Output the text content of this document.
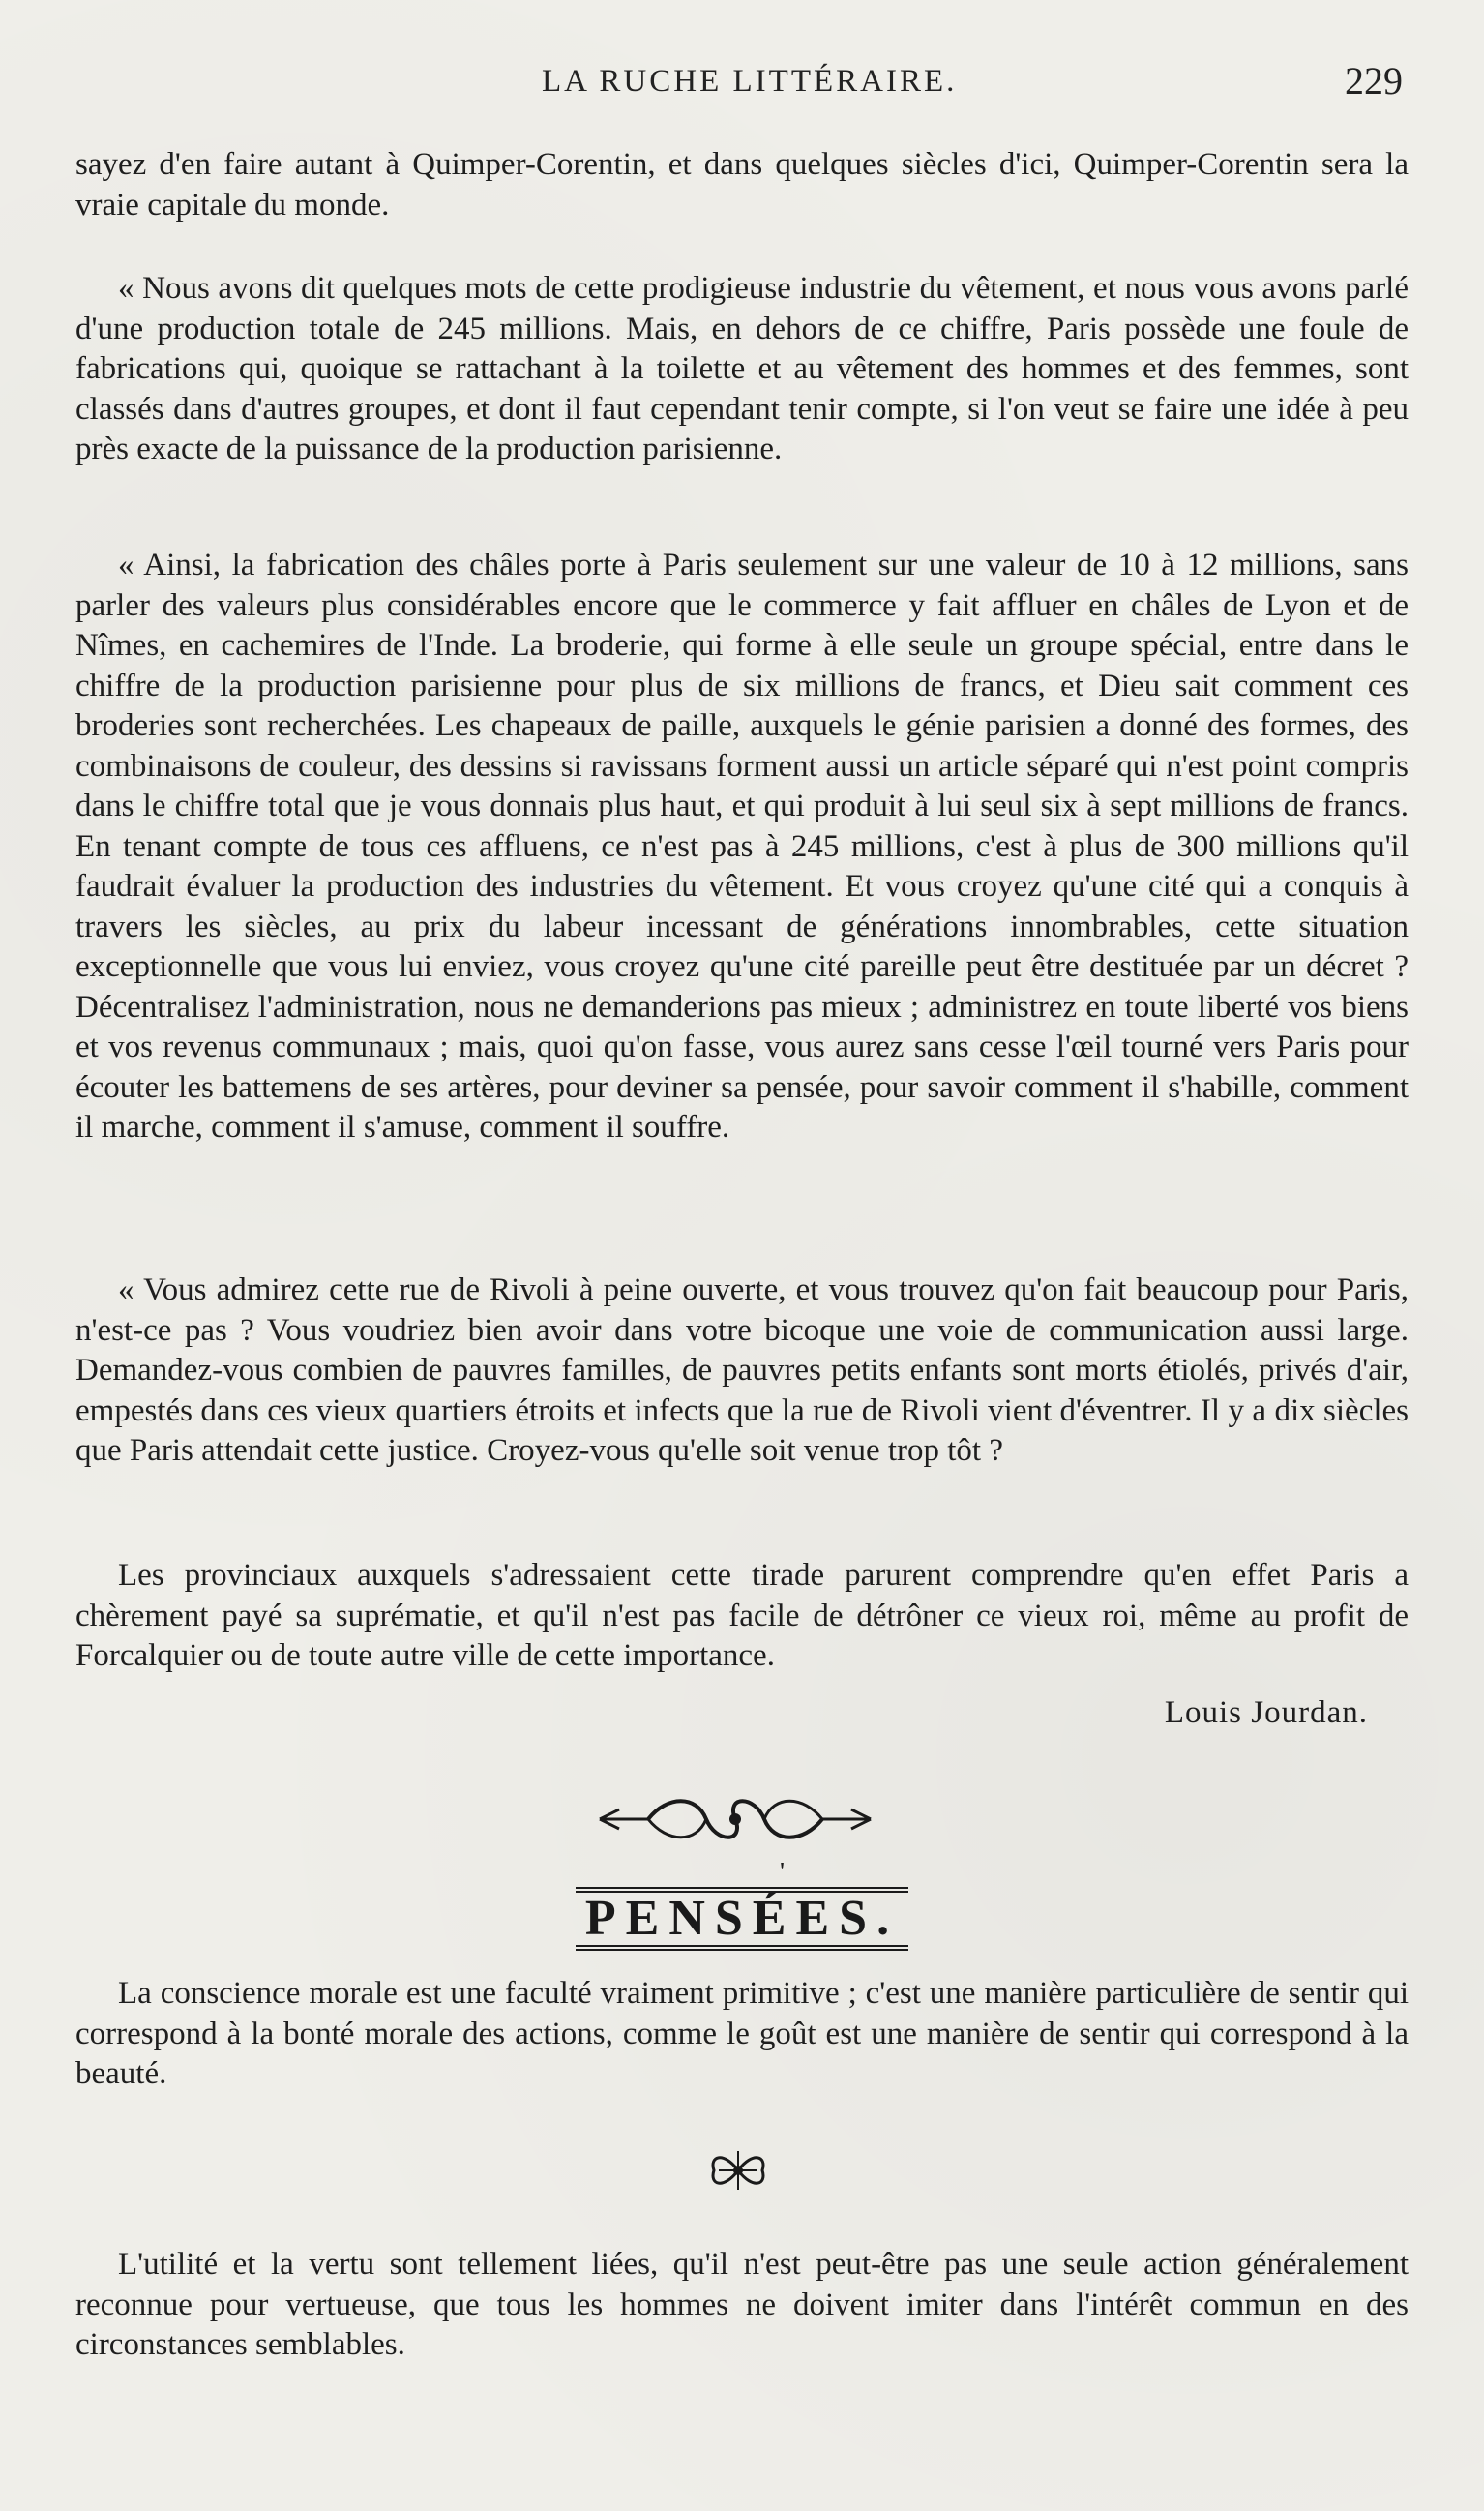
LA RUCHE LITTÉRAIRE.	229

sayez d'en faire autant à Quimper-Corentin, et dans quelques siècles d'ici, Quimper-Corentin sera la vraie capitale du monde.

« Nous avons dit quelques mots de cette prodigieuse industrie du vêtement, et nous vous avons parlé d'une production totale de 245 millions. Mais, en dehors de ce chiffre, Paris possède une foule de fabrications qui, quoique se rattachant à la toilette et au vêtement des hommes et des femmes, sont classés dans d'autres groupes, et dont il faut cependant tenir compte, si l'on veut se faire une idée à peu près exacte de la puissance de la production parisienne.

« Ainsi, la fabrication des châles porte à Paris seulement sur une valeur de 10 à 12 millions, sans parler des valeurs plus considérables encore que le commerce y fait affluer en châles de Lyon et de Nîmes, en cachemires de l'Inde. La broderie, qui forme à elle seule un groupe spécial, entre dans le chiffre de la production parisienne pour plus de six millions de francs, et Dieu sait comment ces broderies sont recherchées. Les chapeaux de paille, auxquels le génie parisien a donné des formes, des combinaisons de couleur, des dessins si ravissans forment aussi un article séparé qui n'est point compris dans le chiffre total que je vous donnais plus haut, et qui produit à lui seul six à sept millions de francs. En tenant compte de tous ces affluens, ce n'est pas à 245 millions, c'est à plus de 300 millions qu'il faudrait évaluer la production des industries du vêtement. Et vous croyez qu'une cité qui a conquis à travers les siècles, au prix du labeur incessant de générations innombrables, cette situation exceptionnelle que vous lui enviez, vous croyez qu'une cité pareille peut être destituée par un décret ? Décentralisez l'administration, nous ne demanderions pas mieux ; administrez en toute liberté vos biens et vos revenus communaux ; mais, quoi qu'on fasse, vous aurez sans cesse l'œil tourné vers Paris pour écouter les battemens de ses artères, pour deviner sa pensée, pour savoir comment il s'habille, comment il marche, comment il s'amuse, comment il souffre.

« Vous admirez cette rue de Rivoli à peine ouverte, et vous trouvez qu'on fait beaucoup pour Paris, n'est-ce pas ? Vous voudriez bien avoir dans votre bicoque une voie de communication aussi large. Demandez-vous combien de pauvres familles, de pauvres petits enfants sont morts étiolés, privés d'air, empestés dans ces vieux quartiers étroits et infects que la rue de Rivoli vient d'éventrer. Il y a dix siècles que Paris attendait cette justice. Croyez-vous qu'elle soit venue trop tôt ?

Les provinciaux auxquels s'adressaient cette tirade parurent comprendre qu'en effet Paris a chèrement payé sa suprématie, et qu'il n'est pas facile de détrôner ce vieux roi, même au profit de Forcalquier ou de toute autre ville de cette importance.

Louis Jourdan.
'
PENSÉES.

La conscience morale est une faculté vraiment primitive ; c'est une manière particulière de sentir qui correspond à la bonté morale des actions, comme le goût est une manière de sentir qui correspond à la beauté.

L'utilité et la vertu sont tellement liées, qu'il n'est peut-être pas une seule action généralement reconnue pour vertueuse, que tous les hommes ne doivent imiter dans l'intérêt commun en des circonstances semblables.
